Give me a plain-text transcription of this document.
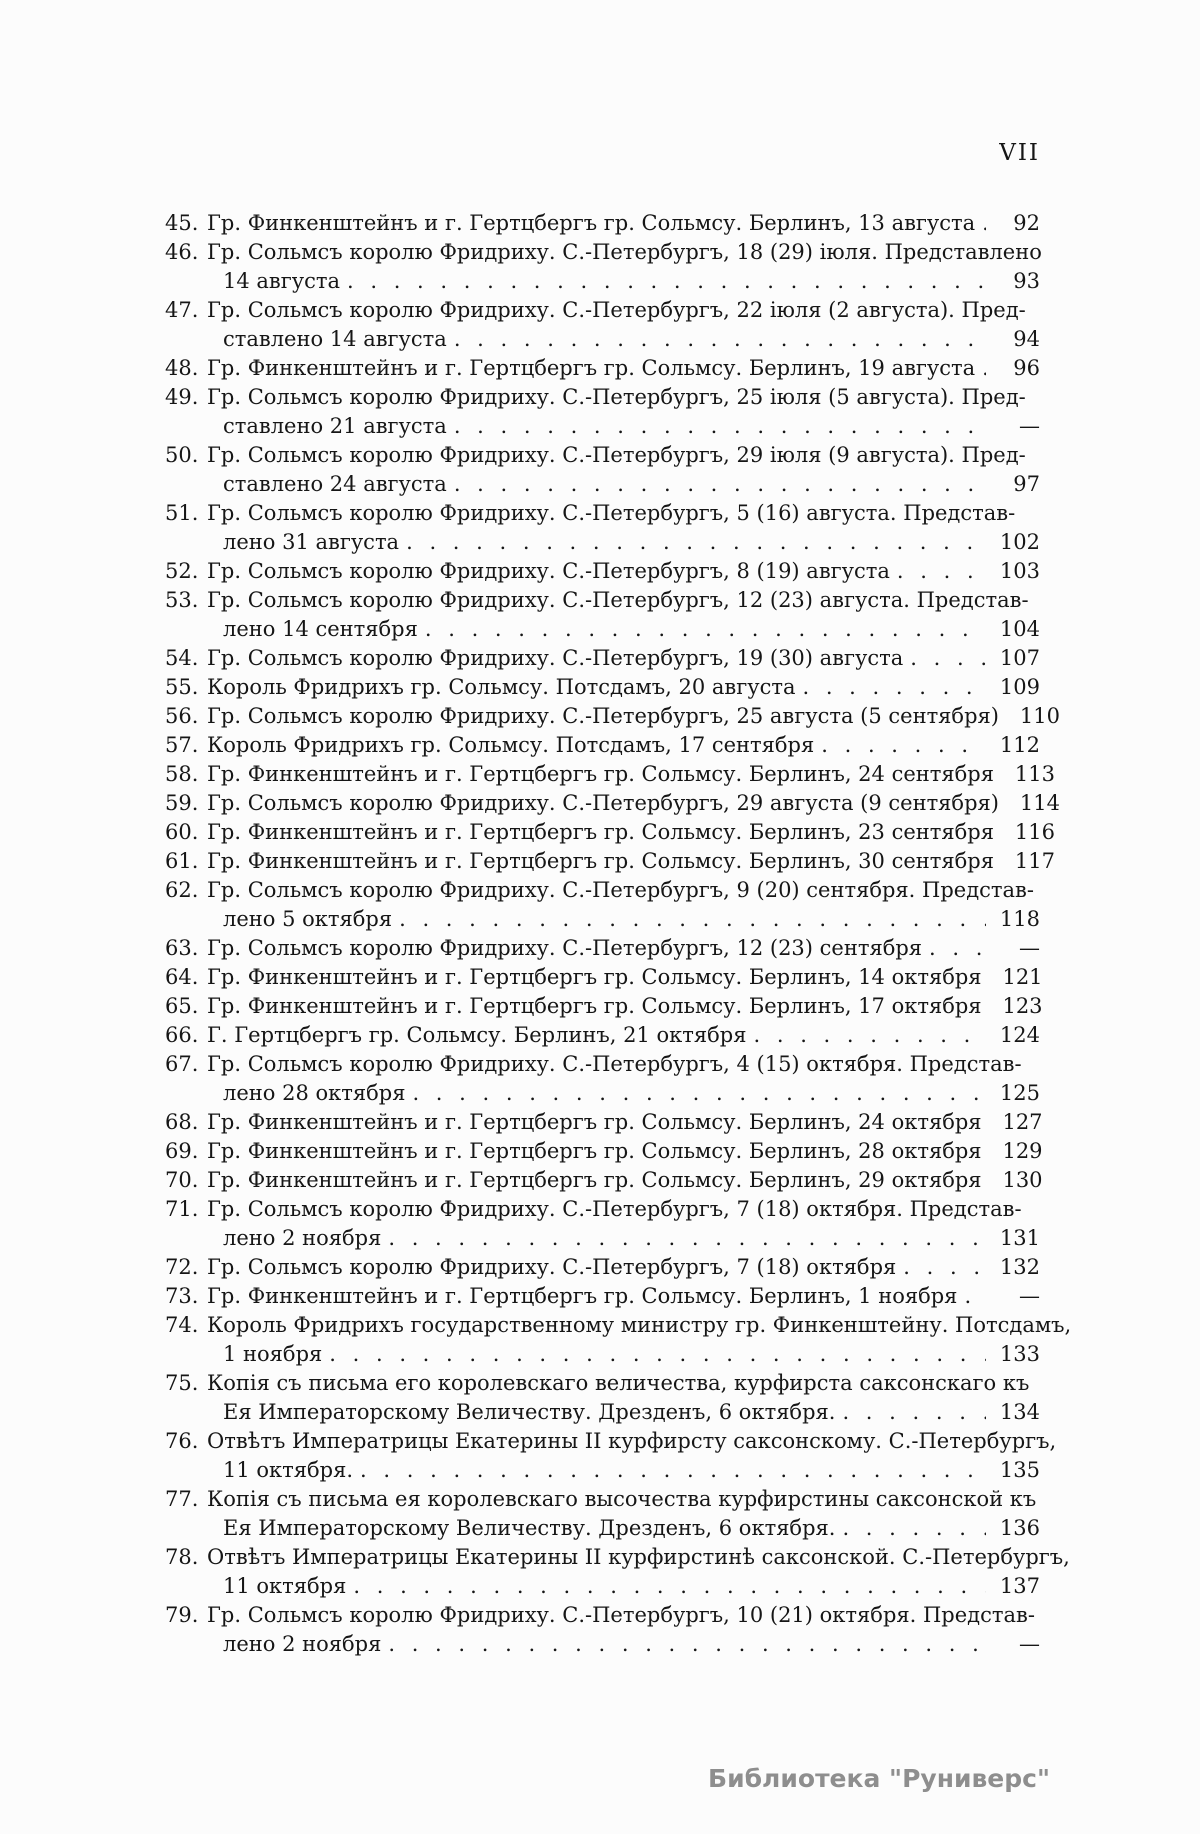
VII
45. Гр. Финкенштейнъ и г. Гертцбергъ гр. Сольмсу. Берлинъ, 13 августа . . .	92
46. Гр. Сольмсъ королю Фридриху. С.-Петербургъ, 18 (29) іюля. Представлено
14 августа . . .	93
47. Гр. Сольмсъ королю Фридриху. С.-Петербургъ, 22 іюля (2 августа). Пред-
ставлено 14 августа . . .	94
48. Гр. Финкенштейнъ и г. Гертцбергъ гр. Сольмсу. Берлинъ, 19 августа . . .	96
49. Гр. Сольмсъ королю Фридриху. С.-Петербургъ, 25 іюля (5 августа). Пред-
ставлено 21 августа . . .	—
50. Гр. Сольмсъ королю Фридриху. С.-Петербургъ, 29 іюля (9 августа). Пред-
ставлено 24 августа . . .	97
51. Гр. Сольмсъ королю Фридриху. С.-Петербургъ, 5 (16) августа. Представ-
лено 31 августа . . .	102
52. Гр. Сольмсъ королю Фридриху. С.-Петербургъ, 8 (19) августа . . .	103
53. Гр. Сольмсъ королю Фридриху. С.-Петербургъ, 12 (23) августа. Представ-
лено 14 сентября . . .	104
54. Гр. Сольмсъ королю Фридриху. С.-Петербургъ, 19 (30) августа . . .	107
55. Король Фридрихъ гр. Сольмсу. Потсдамъ, 20 августа . . .	109
56. Гр. Сольмсъ королю Фридриху. С.-Петербургъ, 25 августа (5 сентября) 110
57. Король Фридрихъ гр. Сольмсу. Потсдамъ, 17 сентября . . .	112
58. Гр. Финкенштейнъ и г. Гертцбергъ гр. Сольмсу. Берлинъ, 24 сентября 113
59. Гр. Сольмсъ королю Фридриху. С.-Петербургъ, 29 августа (9 сентября) 114
60. Гр. Финкенштейнъ и г. Гертцбергъ гр. Сольмсу. Берлинъ, 23 сентября 116
61. Гр. Финкенштейнъ и г. Гертцбергъ гр. Сольмсу. Берлинъ, 30 сентября 117
62. Гр. Сольмсъ королю Фридриху. С.-Петербургъ, 9 (20) сентября. Представ-
лено 5 октября . . .	118
63. Гр. Сольмсъ королю Фридриху. С.-Петербургъ, 12 (23) сентября . . .	—
64. Гр. Финкенштейнъ и г. Гертцбергъ гр. Сольмсу. Берлинъ, 14 октября 121
65. Гр. Финкенштейнъ и г. Гертцбергъ гр. Сольмсу. Берлинъ, 17 октября 123
66. Г. Гертцбергъ гр. Сольмсу. Берлинъ, 21 октября . . .	124
67. Гр. Сольмсъ королю Фридриху. С.-Петербургъ, 4 (15) октября. Представ-
лено 28 октября . . .	125
68. Гр. Финкенштейнъ и г. Гертцбергъ гр. Сольмсу. Берлинъ, 24 октября 127
69. Гр. Финкенштейнъ и г. Гертцбергъ гр. Сольмсу. Берлинъ, 28 октября 129
70. Гр. Финкенштейнъ и г. Гертцбергъ гр. Сольмсу. Берлинъ, 29 октября 130
71. Гр. Сольмсъ королю Фридриху. С.-Петербургъ, 7 (18) октября. Представ-
лено 2 ноября . . .	131
72. Гр. Сольмсъ королю Фридриху. С.-Петербургъ, 7 (18) октября . . .	132
73. Гр. Финкенштейнъ и г. Гертцбергъ гр. Сольмсу. Берлинъ, 1 ноября . . .	—
74. Король Фридрихъ государственному министру гр. Финкенштейну. Потсдамъ,
1 ноября . . .	133
75. Копія съ письма его королевскаго величества, курфирста саксонскаго къ
Ея Императорскому Величеству. Дрезденъ, 6 октября. . . .	134
76. Отвѣтъ Императрицы Екатерины II курфирсту саксонскому. С.-Петербургъ,
11 октября. . . .	135
77. Копія съ письма ея королевскаго высочества курфирстины саксонской къ
Ея Императорскому Величеству. Дрезденъ, 6 октября. . . .	136
78. Отвѣтъ Императрицы Екатерины II курфирстинѣ саксонской. С.-Петербургъ,
11 октября . . .	137
79. Гр. Сольмсъ королю Фридриху. С.-Петербургъ, 10 (21) октября. Представ-
лено 2 ноября . . .	—
Библиотека "Руниверс"
